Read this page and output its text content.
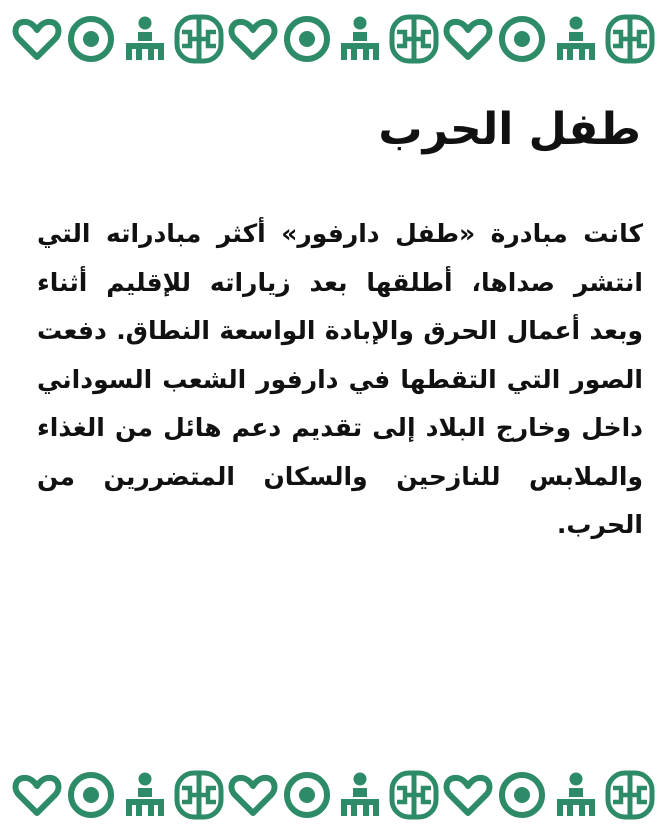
طفل الحرب

كانت مبادرة «طفل دارفور» أكثر مبادراته التي انتشر صداها، أطلقها بعد زياراته للإقليم أثناء وبعد أعمال الحرق والإبادة الواسعة النطاق. دفعت الصور التي التقطها في دارفور الشعب السوداني داخل وخارج البلاد إلى تقديم دعم هائل من الغذاء والملابس للنازحين والسكان المتضررين من الحرب.
